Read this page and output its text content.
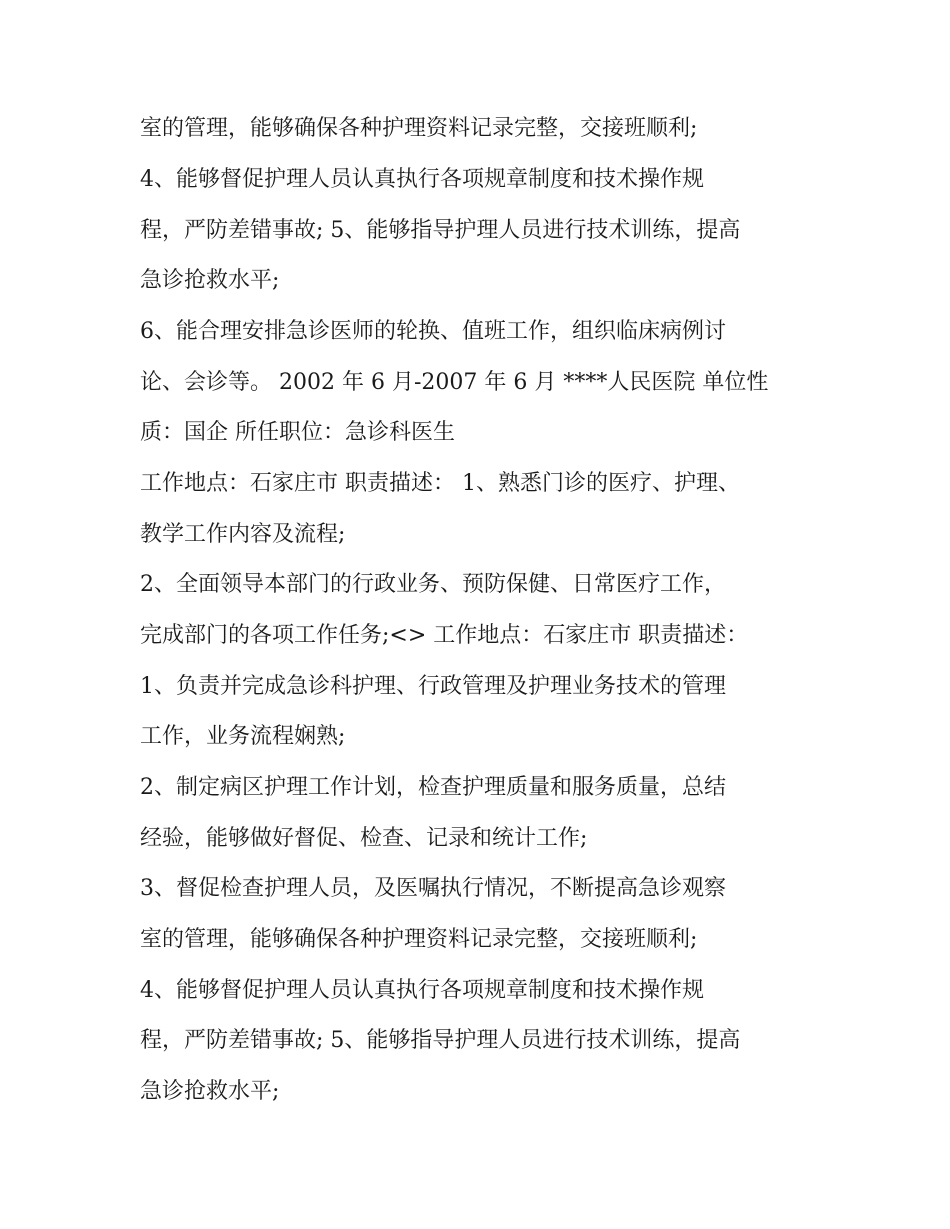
室的管理，能够确保各种护理资料记录完整，交接班顺利;
4、能够督促护理人员认真执行各项规章制度和技术操作规
程，严防差错事故; 5、能够指导护理人员进行技术训练，提高
急诊抢救水平;
6、能合理安排急诊医师的轮换、值班工作，组织临床病例讨
论、会诊等。 2002 年 6 月-2007 年 6 月 ****人民医院 单位性
质：国企 所任职位：急诊科医生
工作地点：石家庄市 职责描述： 1、熟悉门诊的医疗、护理、
教学工作内容及流程;
2、全面领导本部门的行政业务、预防保健、日常医疗工作，
完成部门的各项工作任务;<> 工作地点：石家庄市 职责描述：
1、负责并完成急诊科护理、行政管理及护理业务技术的管理
工作，业务流程娴熟;
2、制定病区护理工作计划，检查护理质量和服务质量，总结
经验，能够做好督促、检查、记录和统计工作;
3、督促检查护理人员，及医嘱执行情况，不断提高急诊观察
室的管理，能够确保各种护理资料记录完整，交接班顺利;
4、能够督促护理人员认真执行各项规章制度和技术操作规
程，严防差错事故; 5、能够指导护理人员进行技术训练，提高
急诊抢救水平;
